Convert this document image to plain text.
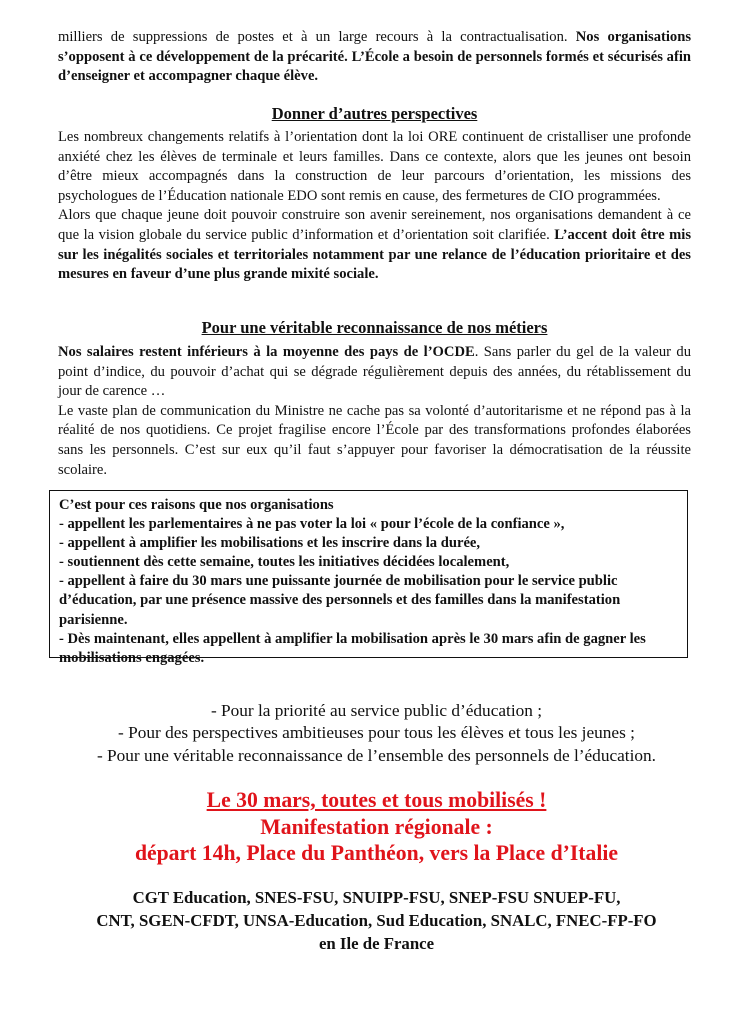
milliers de suppressions de postes et à un large recours à la contractualisation. Nos organisations s’opposent à ce développement de la précarité. L’École a besoin de personnels formés et sécurisés afin d’enseigner et accompagner chaque élève.

Donner d’autres perspectives

Les nombreux changements relatifs à l’orientation dont la loi ORE continuent de cristalliser une profonde anxiété chez les élèves de terminale et leurs familles. Dans ce contexte, alors que les jeunes ont besoin d’être mieux accompagnés dans la construction de leur parcours d’orientation, les missions des psychologues de l’Éducation nationale EDO sont remis en cause, des fermetures de CIO programmées.

Alors que chaque jeune doit pouvoir construire son avenir sereinement, nos organisations demandent à ce que la vision globale du service public d’information et d’orientation soit clarifiée. L’accent doit être mis sur les inégalités sociales et territoriales notamment par une relance de l’éducation prioritaire et des mesures en faveur d’une plus grande mixité sociale.

Pour une véritable reconnaissance de nos métiers

Nos salaires restent inférieurs à la moyenne des pays de l’OCDE. Sans parler du gel de la valeur du point d’indice, du pouvoir d’achat qui se dégrade régulièrement depuis des années, du rétablissement du jour de carence …

Le vaste plan de communication du Ministre ne cache pas sa volonté d’autoritarisme et ne répond pas à la réalité de nos quotidiens. Ce projet fragilise encore l’École par des transformations profondes élaborées sans les personnels. C’est sur eux qu’il faut s’appuyer pour favoriser la démocratisation de la réussite scolaire.

C’est pour ces raisons que nos organisations

- appellent les parlementaires à ne pas voter la loi « pour l’école de la confiance »,

- appellent à amplifier les mobilisations et les inscrire dans la durée,

- soutiennent dès cette semaine, toutes les initiatives décidées localement,

- appellent à faire du 30 mars une puissante journée de mobilisation pour le service public d’éducation, par une présence massive des personnels et des familles dans la manifestation parisienne.

- Dès maintenant, elles appellent à amplifier la mobilisation après le 30 mars afin de gagner les mobilisations engagées.

- Pour la priorité au service public d’éducation ;

- Pour des perspectives ambitieuses pour tous les élèves et tous les jeunes ;

- Pour une véritable reconnaissance de l’ensemble des personnels de l’éducation.

Le 30 mars, toutes et tous mobilisés !

Manifestation régionale :

départ 14h, Place du Panthéon, vers la Place d’Italie

CGT Education, SNES-FSU, SNUIPP-FSU, SNEP-FSU SNUEP-FU,

CNT, SGEN-CFDT, UNSA-Education, Sud Education, SNALC, FNEC-FP-FO

en Ile de France
